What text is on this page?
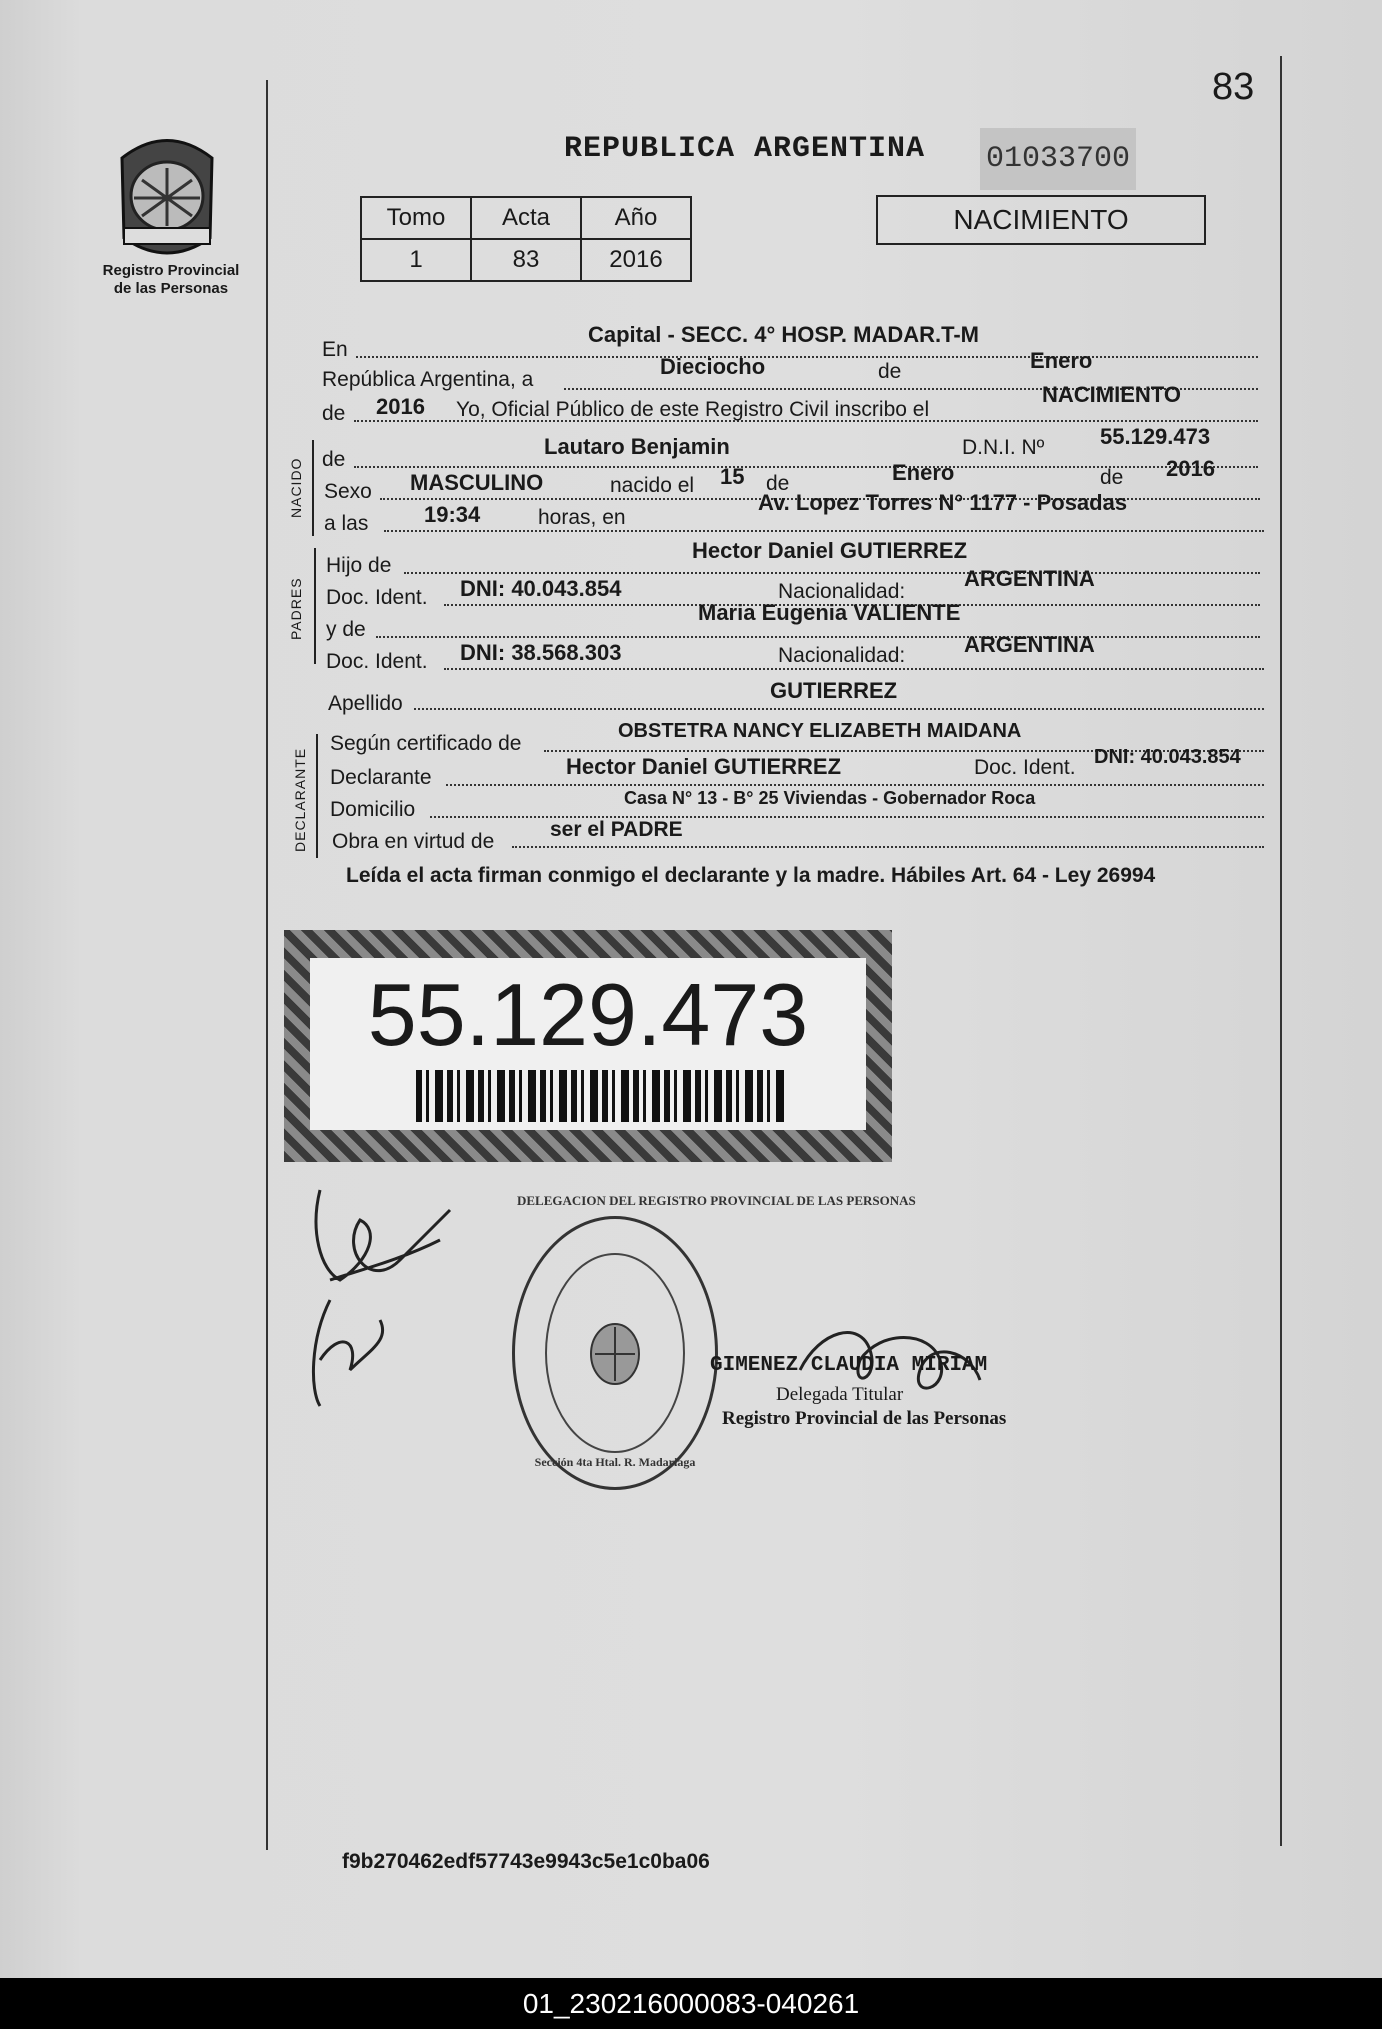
83
Registro Provincial
de las Personas
REPUBLICA ARGENTINA 01033700
Tomo	Acta	Año
1	83	2016
NACIMIENTO
En
Capital - SECC. 4° HOSP. MADAR.T-M
República Argentina, a
Dieciocho	de	Enero
de 2016 Yo, Oficial Público de este Registro Civil inscribo el
NACIMIENTO
NACIDO de
Lautaro Benjamin	D.N.I. Nº	55.129.473
Sexo MASCULINO	nacido el 15 de	Enero	de 2016
a las	19:34	horas, en
Av. Lopez Torres N° 1177 - Posadas
PADRES
Hijo de
Hector Daniel GUTIERREZ
Doc. Ident. DNI: 40.043.854	Nacionalidad:
ARGENTINA
y de
Maria Eugenia VALIENTE
Doc. Ident. DNI: 38.568.303	Nacionalidad:	ARGENTINA
Apellido
GUTIERREZ
DECLARANTE
Según certificado de
OBSTETRA NANCY ELIZABETH MAIDANA
Declarante	Hector Daniel GUTIERREZ	Doc. Ident. DNI: 40.043.854
Domicilio	Casa N° 13 - B° 25 Viviendas - Gobernador Roca
Obra en virtud de
ser el PADRE
Leída el acta firman conmigo el declarante y la madre. Hábiles Art. 64 - Ley 26994
55.129.473
DELEGACION DEL REGISTRO PROVINCIAL DE LAS PERSONAS
Sección 4ta Htal. R. Madariaga
GIMENEZ CLAUDIA MIRIAM
Delegada Titular
Registro Provincial de las Personas
f9b270462edf57743e9943c5e1c0ba06
01_230216000083-040261
